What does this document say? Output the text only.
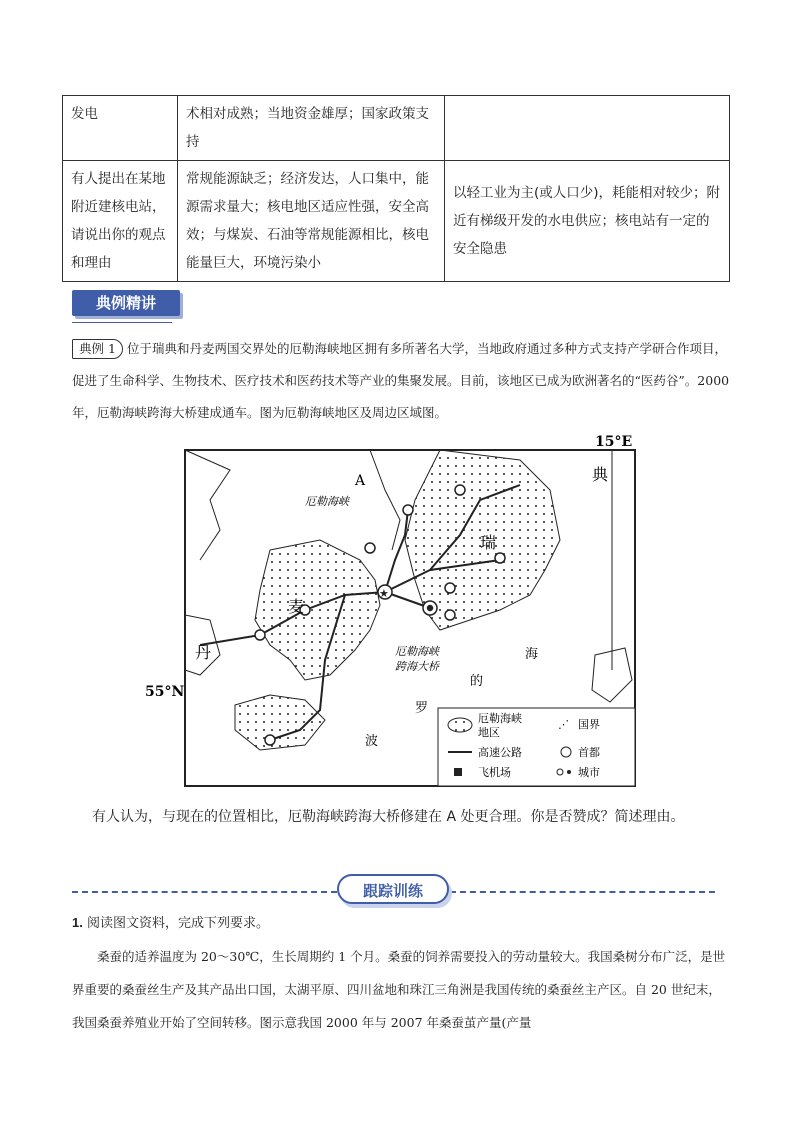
发电	术相对成熟；当地资金雄厚；国家政策支持	
有人提出在某地附近建核电站，请说出你的观点和理由	常规能源缺乏；经济发达，人口集中，能源需求量大；核电地区适应性强，安全高效；与煤炭、石油等常规能源相比，核电能量巨大，环境污染小	以轻工业为主(或人口少)，耗能相对较少；附近有梯级开发的水电供应；核电站有一定的安全隐患
典例精讲
典例 1 位于瑞典和丹麦两国交界处的厄勒海峡地区拥有多所著名大学，当地政府通过多种方式支持产学研合作项目，促进了生命科学、生物技术、医疗技术和医药技术等产业的集聚发展。目前，该地区已成为欧洲著名的“医药谷”。2000 年，厄勒海峡跨海大桥建成通车。图为厄勒海峡地区及周边区域图。
15°E
★
A
厄勒海峡
厄勒海峡
跨海大桥
典
瑞
麦
丹	海
的
罗
波
55°N
厄勒海峡
地区
⋰ 国界
高速公路	首都
飞机场	城市
有人认为，与现在的位置相比，厄勒海峡跨海大桥修建在 A 处更合理。你是否赞成？简述理由。
跟踪训练
1. 阅读图文资料，完成下列要求。
桑蚕的适养温度为 20～30℃，生长周期约 1 个月。桑蚕的饲养需要投入的劳动量较大。我国桑树分布广泛，是世界重要的桑蚕丝生产及其产品出口国，太湖平原、四川盆地和珠江三角洲是我国传统的桑蚕丝主产区。自 20 世纪末，我国桑蚕养殖业开始了空间转移。图示意我国 2000 年与 2007 年桑蚕茧产量(产量
